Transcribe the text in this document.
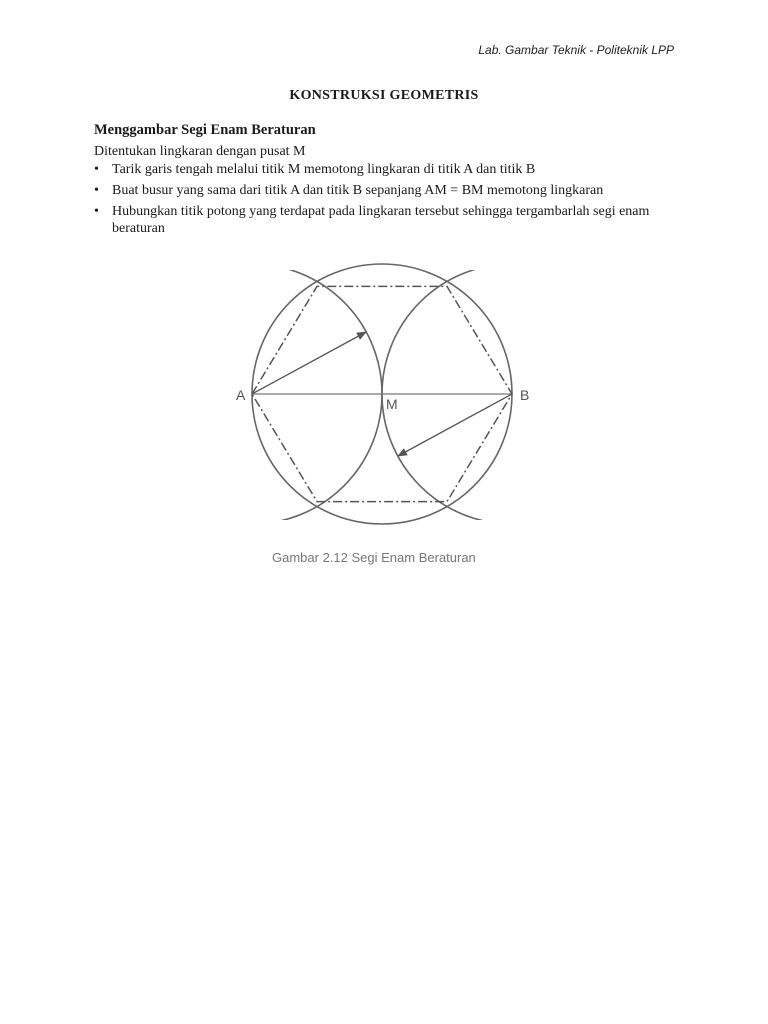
Lab. Gambar Teknik - Politeknik LPP
KONSTRUKSI GEOMETRIS
Menggambar Segi Enam Beraturan
Ditentukan lingkaran dengan pusat M
• Tarik garis tengah melalui titik M memotong lingkaran di titik A dan titik B
• Buat busur yang sama dari titik A dan titik B sepanjang AM = BM memotong lingkaran
• Hubungkan titik potong yang terdapat pada lingkaran tersebut sehingga tergambarlah segi enam beraturan
A
M
B
Gambar 2.12 Segi Enam Beraturan
